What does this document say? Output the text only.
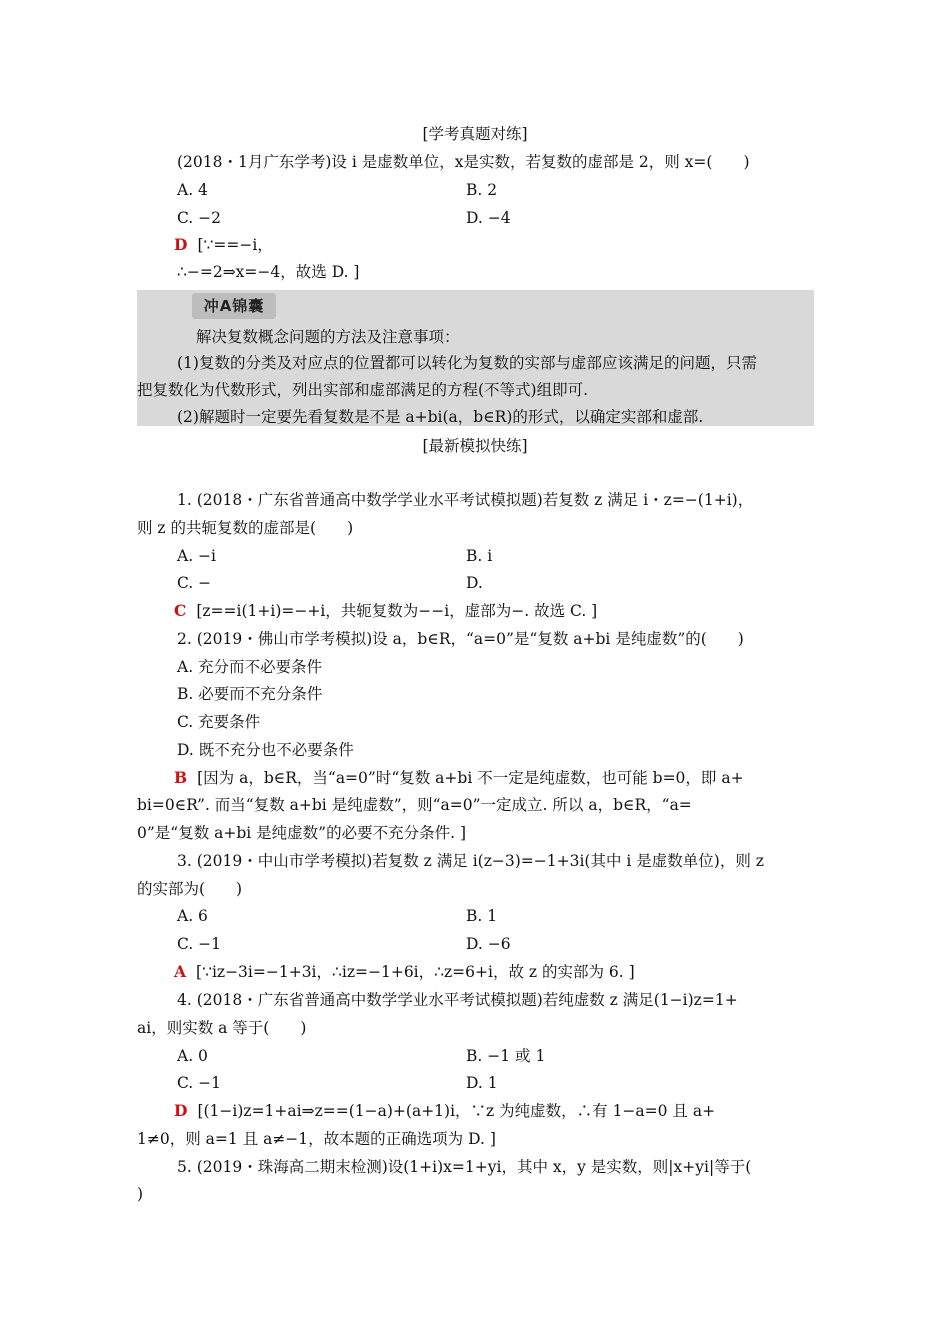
[学考真题对练]
(2018・1月广东学考)设 i 是虚数单位，x是实数，若复数的虚部是 2，则 x=(　　)
A. 4	B. 2
C. −2	D. −4
D [∵==−i，
∴−=2⇒x=−4，故选 D. ]
冲A锦囊
解决复数概念问题的方法及注意事项：
(1)复数的分类及对应点的位置都可以转化为复数的实部与虚部应该满足的问题，只需
把复数化为代数形式，列出实部和虚部满足的方程(不等式)组即可.
(2)解题时一定要先看复数是不是 a+bi(a，b∈R)的形式，以确定实部和虚部.
[最新模拟快练]
1. (2018・广东省普通高中数学学业水平考试模拟题)若复数 z 满足 i・z=−(1+i)，
则 z 的共轭复数的虚部是(　　)
A. −i	B. i
C. −	D.
C [z==i(1+i)=−+i，共轭复数为−−i，虚部为−. 故选 C. ]
2. (2019・佛山市学考模拟)设 a，b∈R，“a=0”是“复数 a+bi 是纯虚数”的(　　)
A. 充分而不必要条件
B. 必要而不充分条件
C. 充要条件
D. 既不充分也不必要条件
B [因为 a，b∈R，当“a=0”时“复数 a+bi 不一定是纯虚数，也可能 b=0，即 a+
bi=0∈R”. 而当“复数 a+bi 是纯虚数”，则“a=0”一定成立. 所以 a，b∈R，“a=
0”是“复数 a+bi 是纯虚数”的必要不充分条件. ]
3. (2019・中山市学考模拟)若复数 z 满足 i(z−3)=−1+3i(其中 i 是虚数单位)，则 z
的实部为(　　)
A. 6	B. 1
C. −1	D. −6
A [∵iz−3i=−1+3i，∴iz=−1+6i，∴z=6+i，故 z 的实部为 6. ]
4. (2018・广东省普通高中数学学业水平考试模拟题)若纯虚数 z 满足(1−i)z=1+
ai，则实数 a 等于(　　)
A. 0	B. −1 或 1
C. −1	D. 1
D [(1−i)z=1+ai⇒z==(1−a)+(a+1)i，∵z 为纯虚数，∴有 1−a=0 且 a+
1≠0，则 a=1 且 a≠−1，故本题的正确选项为 D. ]
5. (2019・珠海高二期末检测)设(1+i)x=1+yi，其中 x，y 是实数，则|x+yi|等于(
)
